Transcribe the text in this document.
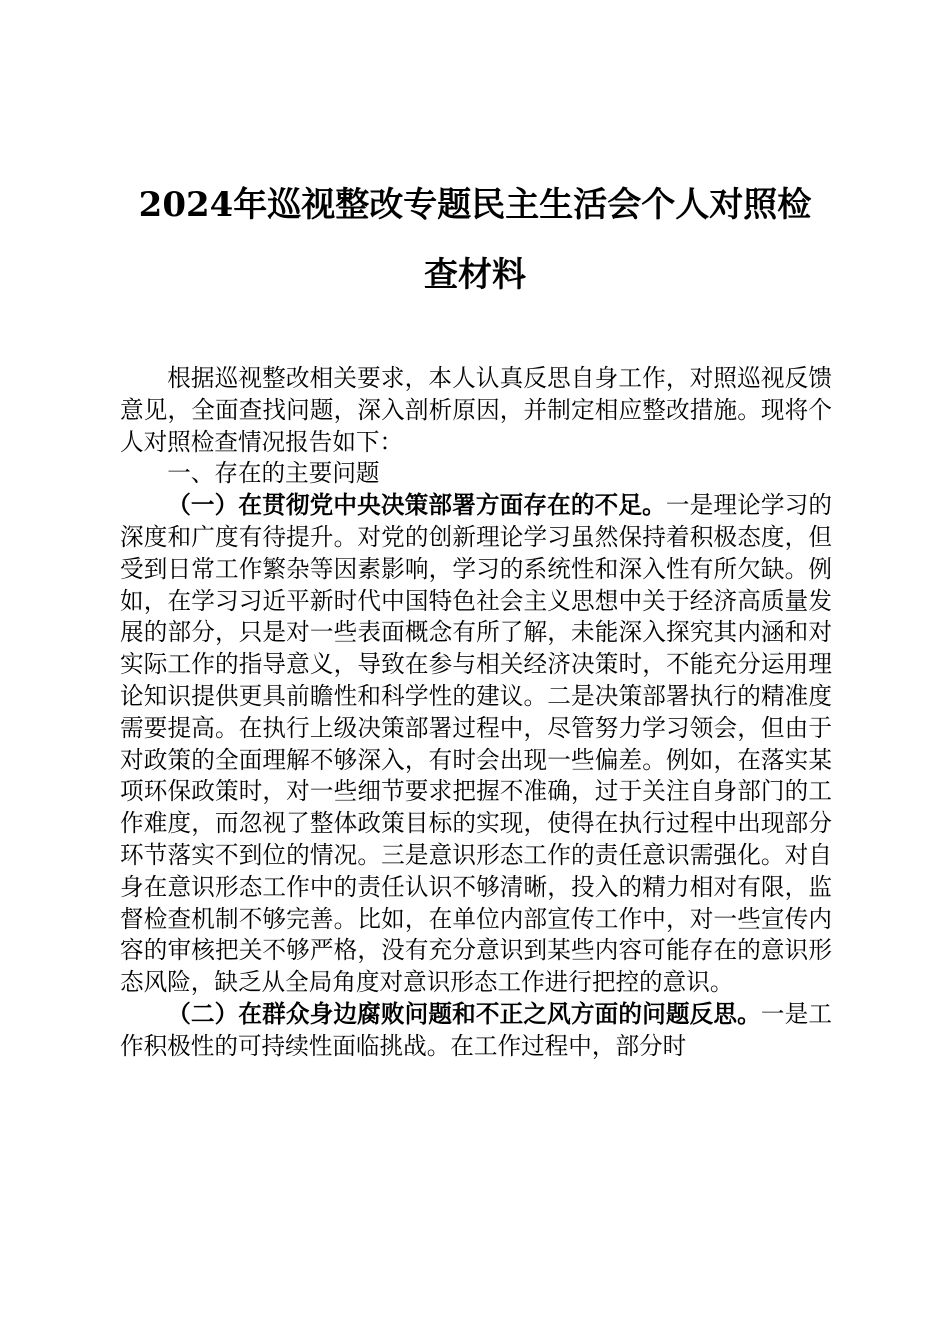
2024年巡视整改专题民主生活会个人对照检
查材料

根据巡视整改相关要求，本人认真反思自身工作，对照巡视反馈意见，全面查找问题，深入剖析原因，并制定相应整改措施。现将个人对照检查情况报告如下：

一、存在的主要问题

（一）在贯彻党中央决策部署方面存在的不足。一是理论学习的深度和广度有待提升。对党的创新理论学习虽然保持着积极态度，但受到日常工作繁杂等因素影响，学习的系统性和深入性有所欠缺。例如，在学习习近平新时代中国特色社会主义思想中关于经济高质量发展的部分，只是对一些表面概念有所了解，未能深入探究其内涵和对实际工作的指导意义，导致在参与相关经济决策时，不能充分运用理论知识提供更具前瞻性和科学性的建议。二是决策部署执行的精准度需要提高。在执行上级决策部署过程中，尽管努力学习领会，但由于对政策的全面理解不够深入，有时会出现一些偏差。例如，在落实某项环保政策时，对一些细节要求把握不准确，过于关注自身部门的工作难度，而忽视了整体政策目标的实现，使得在执行过程中出现部分环节落实不到位的情况。三是意识形态工作的责任意识需强化。对自身在意识形态工作中的责任认识不够清晰，投入的精力相对有限，监督检查机制不够完善。比如，在单位内部宣传工作中，对一些宣传内容的审核把关不够严格，没有充分意识到某些内容可能存在的意识形态风险，缺乏从全局角度对意识形态工作进行把控的意识。

（二）在群众身边腐败问题和不正之风方面的问题反思。一是工作积极性的可持续性面临挑战。在工作过程中，部分时
